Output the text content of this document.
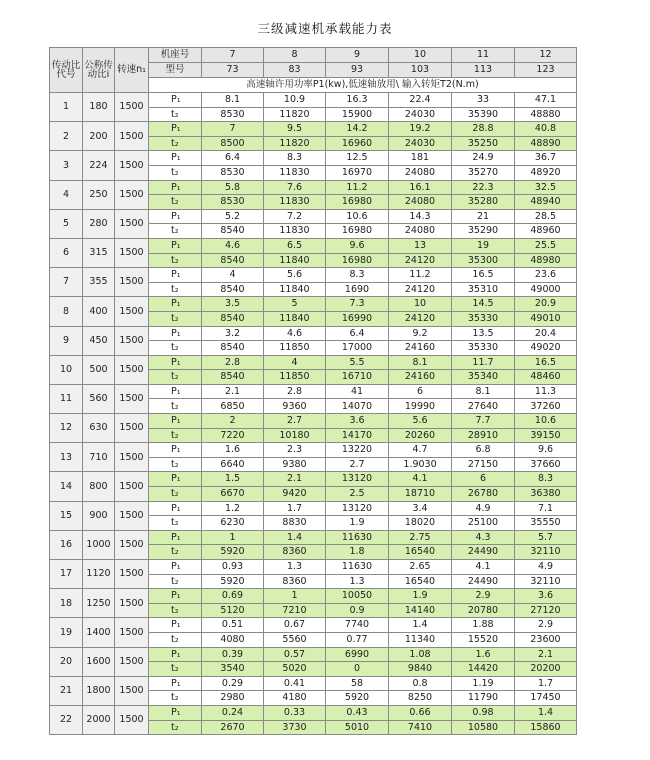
三级减速机承载能力表
传动比代号	公称传动比i	转速n₁	机座号	7	8	9	10	11	12
			型号	73	83	93	103	113	123
			高速轴许用功率P1(kw),低速轴放用\ 输入转矩T2(N.m)						
1	180	1500	P₁	8.1	10.9	16.3	22.4	33	47.1
			t₂	8530	11820	15900	24030	35390	48880
2	200	1500	P₁	7	9.5	14.2	19.2	28.8	40.8
			t₂	8500	11820	16960	24030	35250	48890
3	224	1500	P₁	6.4	8.3	12.5	181	24.9	36.7
			t₂	8530	11830	16970	24080	35270	48920
4	250	1500	P₁	5.8	7.6	11.2	16.1	22.3	32.5
			t₂	8530	11830	16980	24080	35280	48940
5	280	1500	P₁	5.2	7.2	10.6	14.3	21	28.5
			t₂	8540	11830	16980	24080	35290	48960
6	315	1500	P₁	4.6	6.5	9.6	13	19	25.5
			t₂	8540	11840	16980	24120	35300	48980
7	355	1500	P₁	4	5.6	8.3	11.2	16.5	23.6
			t₂	8540	11840	1690	24120	35310	49000
8	400	1500	P₁	3.5	5	7.3	10	14.5	20.9
			t₂	8540	11840	16990	24120	35330	49010
9	450	1500	P₁	3.2	4.6	6.4	9.2	13.5	20.4
			t₂	8540	11850	17000	24160	35330	49020
10	500	1500	P₁	2.8	4	5.5	8.1	11.7	16.5
			t₂	8540	11850	16710	24160	35340	48460
11	560	1500	P₁	2.1	2.8	41	6	8.1	11.3
			t₂	6850	9360	14070	19990	27640	37260
12	630	1500	P₁	2	2.7	3.6	5.6	7.7	10.6
			t₂	7220	10180	14170	20260	28910	39150
13	710	1500	P₁	1.6	2.3	13220	4.7	6.8	9.6
			t₂	6640	9380	2.7	1.9030	27150	37660
14	800	1500	P₁	1.5	2.1	13120	4.1	6	8.3
			t₂	6670	9420	2.5	18710	26780	36380
15	900	1500	P₁	1.2	1.7	13120	3.4	4.9	7.1
			t₂	6230	8830	1.9	18020	25100	35550
16	1000	1500	P₁	1	1.4	11630	2.75	4.3	5.7
			t₂	5920	8360	1.8	16540	24490	32110
17	1120	1500	P₁	0.93	1.3	11630	2.65	4.1	4.9
			t₂	5920	8360	1.3	16540	24490	32110
18	1250	1500	P₁	0.69	1	10050	1.9	2.9	3.6
			t₂	5120	7210	0.9	14140	20780	27120
19	1400	1500	P₁	0.51	0.67	7740	1.4	1.88	2.9
			t₂	4080	5560	0.77	11340	15520	23600
20	1600	1500	P₁	0.39	0.57	6990	1.08	1.6	2.1
			t₂	3540	5020	0	9840	14420	20200
21	1800	1500	P₁	0.29	0.41	58	0.8	1.19	1.7
			t₂	2980	4180	5920	8250	11790	17450
22	2000	1500	P₁	0.24	0.33	0.43	0.66	0.98	1.4
			t₂	2670	3730	5010	7410	10580	15860
